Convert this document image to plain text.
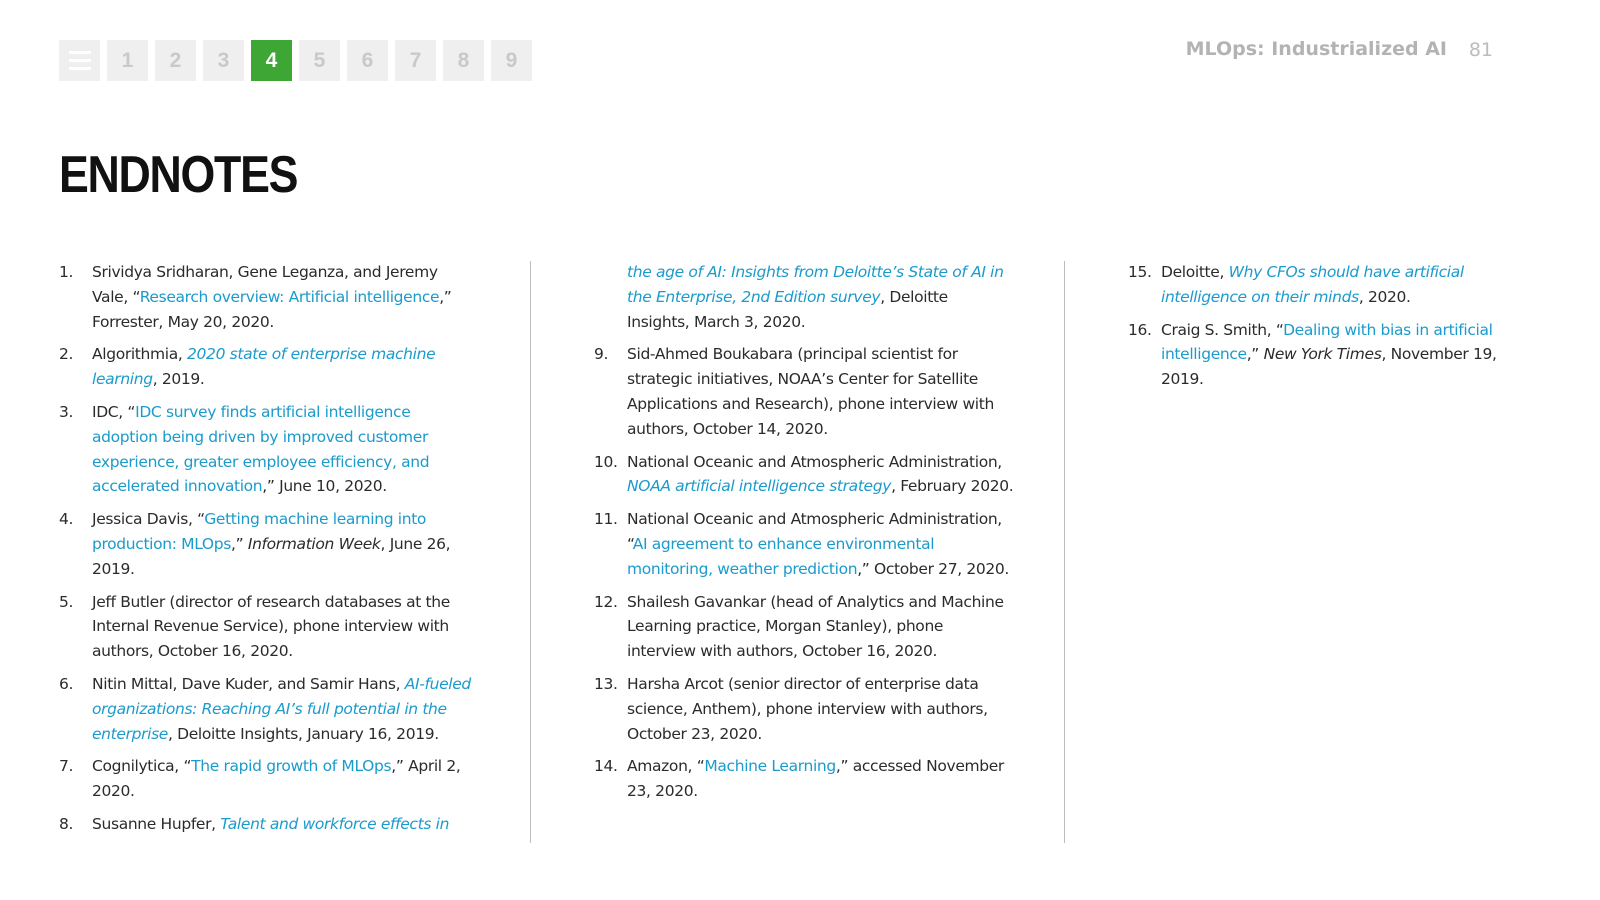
1	2	3	4	5	6	7	8	9	MLOps: Industrialized AI 81
ENDNOTES

1. Srividya Sridharan, Gene Leganza, and Jeremy Vale, “Research overview: Artificial intelligence,” Forrester, May 20, 2020.

2. Algorithmia, 2020 state of enterprise machine learning, 2019.

3. IDC, “IDC survey finds artificial intelligence adoption being driven by improved customer experience, greater employee efficiency, and accelerated innovation,” June 10, 2020.

4. Jessica Davis, “Getting machine learning into production: MLOps,” Information Week, June 26, 2019.

5. Jeff Butler (director of research databases at the Internal Revenue Service), phone interview with authors, October 16, 2020.

6. Nitin Mittal, Dave Kuder, and Samir Hans, AI-fueled organizations: Reaching AI’s full potential in the enterprise, Deloitte Insights, January 16, 2019.

7. Cognilytica, “The rapid growth of MLOps,” April 2, 2020.

8. Susanne Hupfer, Talent and workforce effects in

the age of AI: Insights from Deloitte’s State of AI in the Enterprise, 2nd Edition survey, Deloitte Insights, March 3, 2020.

9. Sid-Ahmed Boukabara (principal scientist for strategic initiatives, NOAA’s Center for Satellite Applications and Research), phone interview with authors, October 14, 2020.

10. National Oceanic and Atmospheric Administration, NOAA artificial intelligence strategy, February 2020.

11. National Oceanic and Atmospheric Administration, “AI agreement to enhance environmental monitoring, weather prediction,” October 27, 2020.

12. Shailesh Gavankar (head of Analytics and Machine Learning practice, Morgan Stanley), phone interview with authors, October 16, 2020.

13. Harsha Arcot (senior director of enterprise data science, Anthem), phone interview with authors, October 23, 2020.

14. Amazon, “Machine Learning,” accessed November 23, 2020.

15. Deloitte, Why CFOs should have artificial intelligence on their minds, 2020.

16. Craig S. Smith, “Dealing with bias in artificial intelligence,” New York Times, November 19, 2019.
